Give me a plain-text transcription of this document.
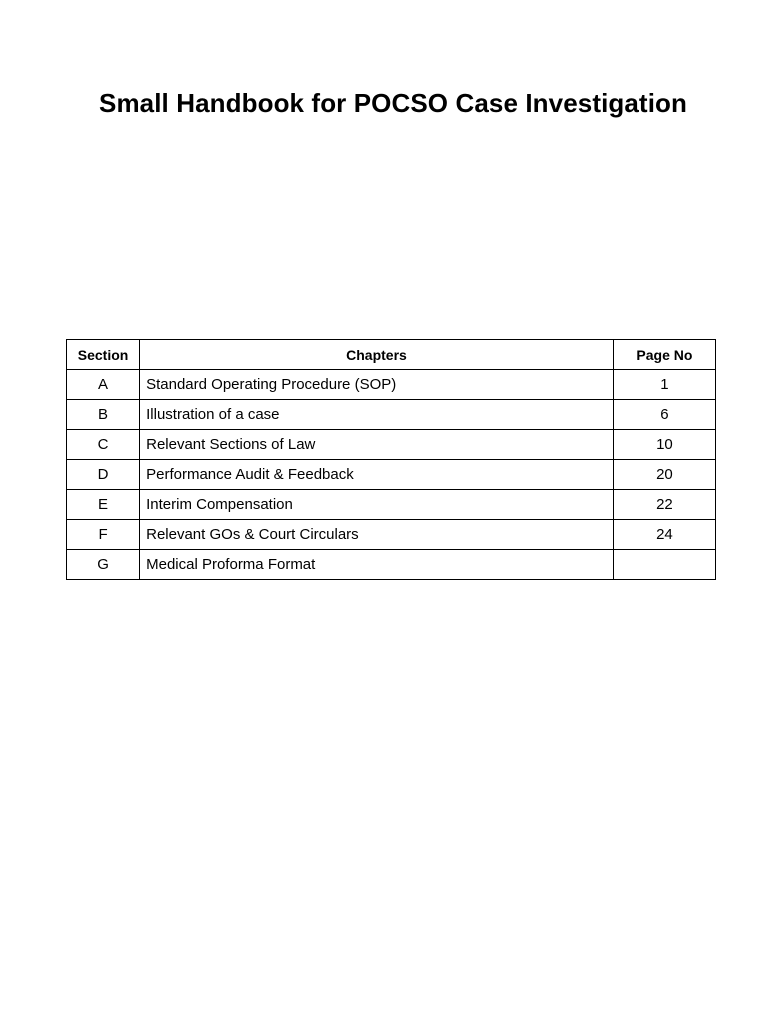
Small Handbook for POCSO Case Investigation
Section	Chapters	Page No
A	Standard Operating Procedure (SOP)	1
B	Illustration of a case	6
C	Relevant Sections of Law	10
D	Performance Audit & Feedback	20
E	Interim Compensation	22
F	Relevant GOs & Court Circulars	24
G	Medical Proforma Format	
